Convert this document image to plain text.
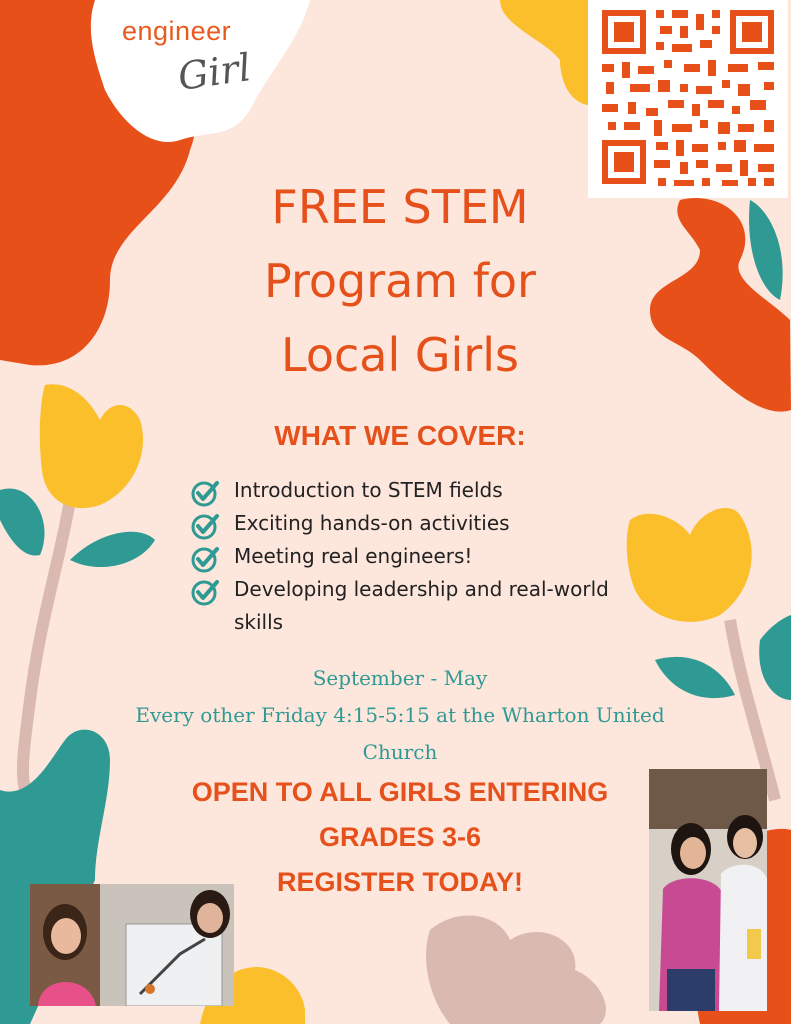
engineer
Girl
FREE STEM
Program for
Local Girls
WHAT WE COVER:
Introduction to STEM fields
Exciting hands-on activities
Meeting real engineers!
Developing leadership and real-world skills
September - May
Every other Friday 4:15-5:15 at the Wharton United Church
OPEN TO ALL GIRLS ENTERING
GRADES 3-6
REGISTER TODAY!
